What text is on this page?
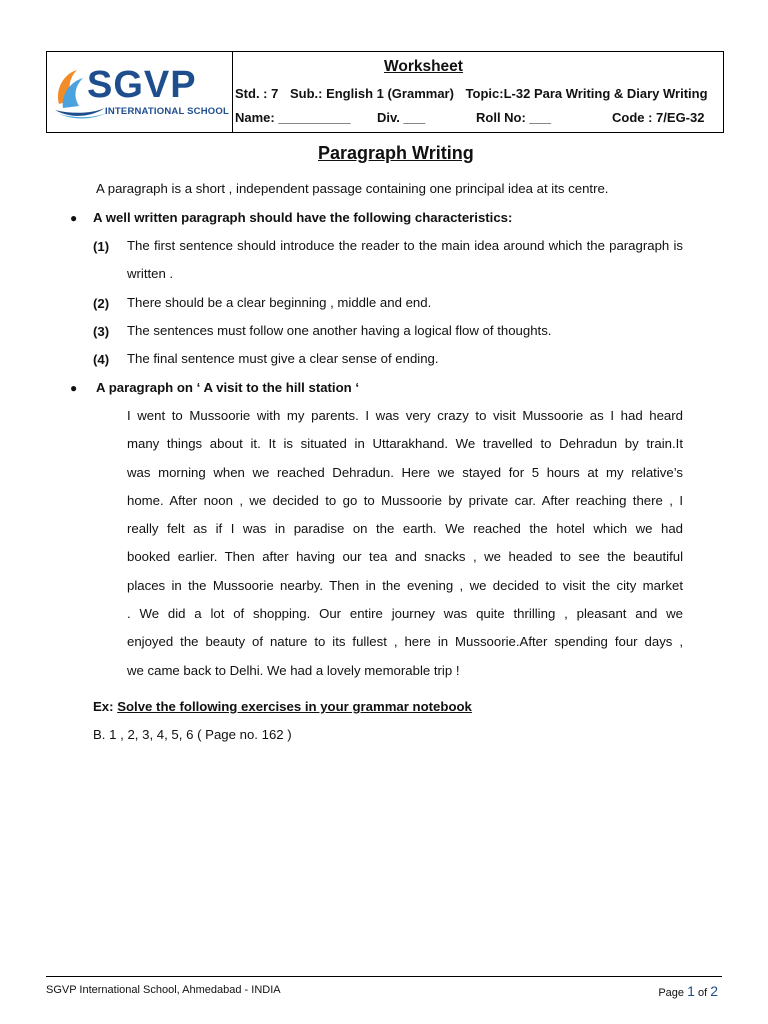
INTERNATIONAL SCHOOL
SGVP	Worksheet
Std. : 7 Sub.: English 1 (Grammar) Topic:L-32 Para Writing & Diary Writing
Name: __________ Div. ___	Roll No: ___	Code : 7/EG-32
Paragraph Writing
A paragraph is a short , independent passage containing one principal idea at its centre.
● A well written paragraph should have the following characteristics:
(1) The first sentence should introduce the reader to the main idea around which the paragraph is written .
(2) There should be a clear beginning , middle and end.
(3) The sentences must follow one another having a logical flow of thoughts.
(4) The final sentence must give a clear sense of ending.
● A paragraph on ‘ A visit to the hill station ‘
I went to Mussoorie with my parents. I was very crazy to visit Mussoorie as I had heard
many things about it. It is situated in Uttarakhand. We travelled to Dehradun by train.It
was morning when we reached Dehradun. Here we stayed for 5 hours at my relative’s
home. After noon , we decided to go to Mussoorie by private car. After reaching there , I
really felt as if I was in paradise on the earth. We reached the hotel which we had
booked earlier. Then after having our tea and snacks , we headed to see the beautiful
places in the Mussoorie nearby. Then in the evening , we decided to visit the city market
. We did a lot of shopping. Our entire journey was quite thrilling , pleasant and we
enjoyed the beauty of nature to its fullest , here in Mussoorie.After spending four days ,
we came back to Delhi. We had a lovely memorable trip !
Ex: Solve the following exercises in your grammar notebook
B. 1 , 2, 3, 4, 5, 6 ( Page no. 162 )
SGVP International School, Ahmedabad - INDIA	Page 1 of 2
